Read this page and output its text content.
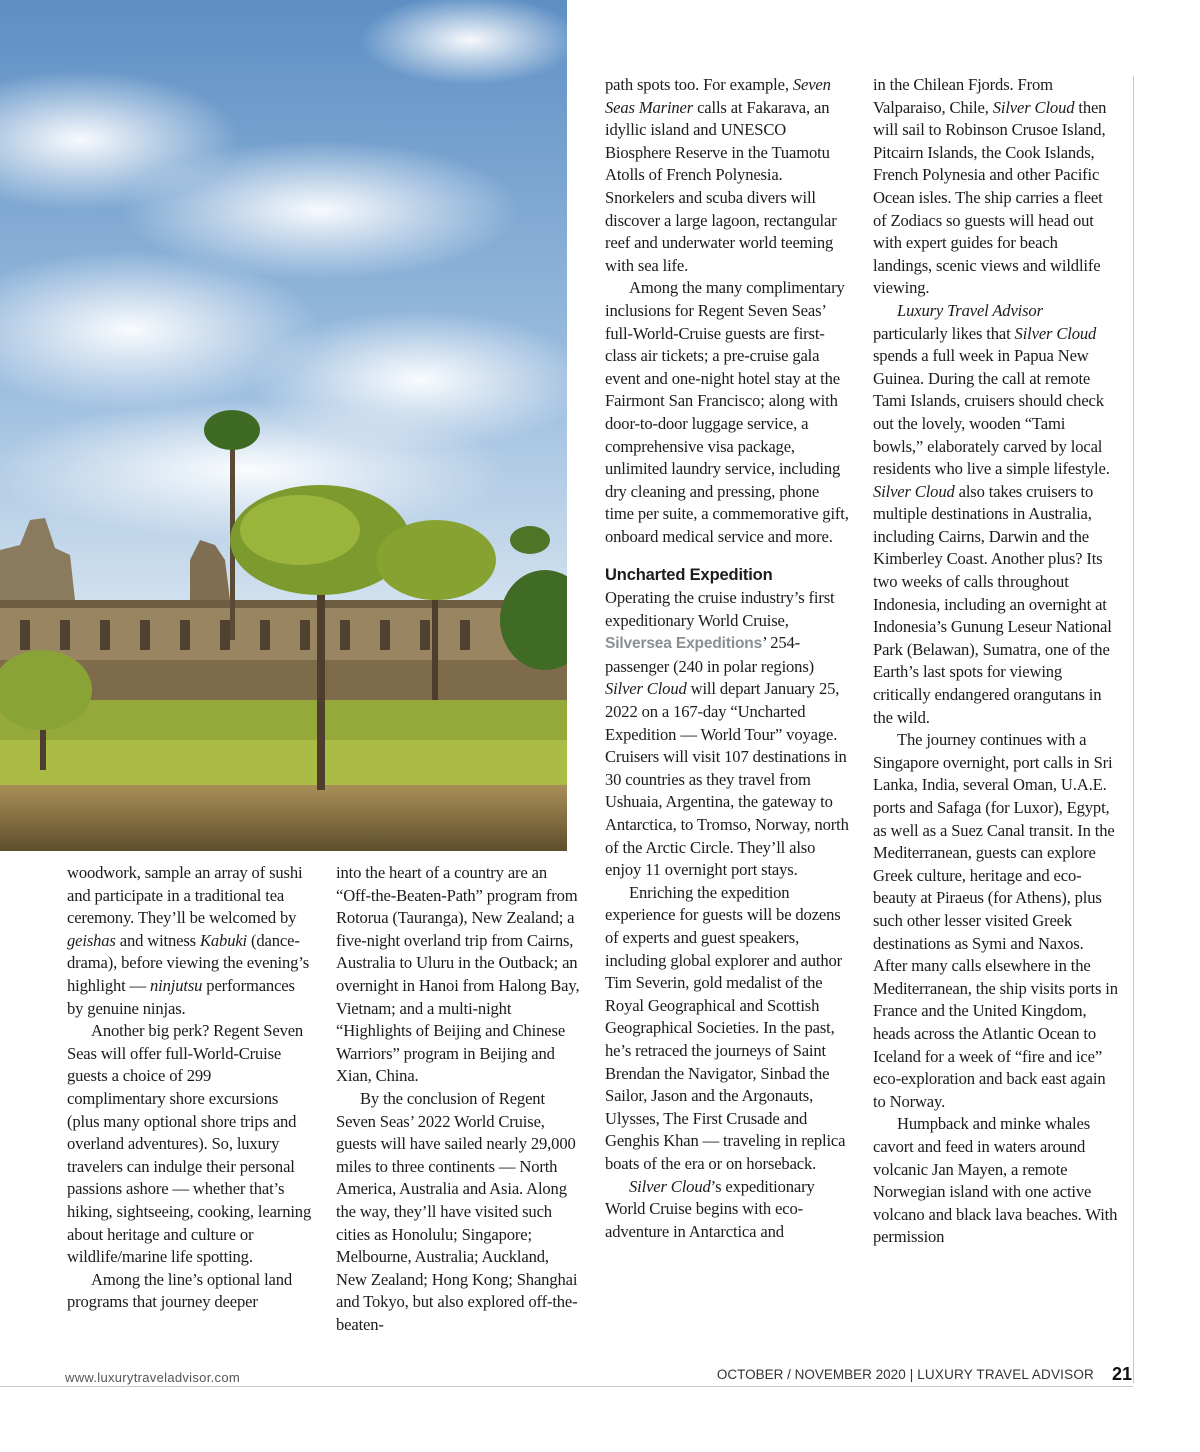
woodwork, sample an array of sushi and participate in a traditional tea ceremony. They’ll be welcomed by geishas and witness Kabuki (dance-drama), before viewing the evening’s highlight — ninjutsu performances by genuine ninjas.

Another big perk? Regent Seven Seas will offer full-World-Cruise guests a choice of 299 complimentary shore excursions (plus many optional shore trips and overland adventures). So, luxury travelers can indulge their personal passions ashore — whether that’s hiking, sightseeing, cooking, learning about heritage and culture or wildlife/marine life spotting.

Among the line’s optional land programs that journey deeper

into the heart of a country are an “Off-the-Beaten-Path” program from Rotorua (Tauranga), New Zealand; a five-night overland trip from Cairns, Australia to Uluru in the Outback; an overnight in Hanoi from Halong Bay, Vietnam; and a multi-night “Highlights of Beijing and Chinese Warriors” program in Beijing and Xian, China.

By the conclusion of Regent Seven Seas’ 2022 World Cruise, guests will have sailed nearly 29,000 miles to three continents — North America, Australia and Asia. Along the way, they’ll have visited such cities as Honolulu; Singapore; Melbourne, Australia; Auckland, New Zealand; Hong Kong; Shanghai and Tokyo, but also explored off-the-beaten-

path spots too. For example, Seven Seas Mariner calls at Fakarava, an idyllic island and UNESCO Biosphere Reserve in the Tuamotu Atolls of French Polynesia. Snorkelers and scuba divers will discover a large lagoon, rectangular reef and underwater world teeming with sea life.

Among the many complimentary inclusions for Regent Seven Seas’ full-World-Cruise guests are first-class air tickets; a pre-cruise gala event and one-night hotel stay at the Fairmont San Francisco; along with door-to-door luggage service, a comprehensive visa package, unlimited laundry service, including dry cleaning and pressing, phone time per suite, a commemorative gift, onboard medical service and more.

Uncharted Expedition

Operating the cruise industry’s first expeditionary World Cruise, Silversea Expeditions’ 254-passenger (240 in polar regions) Silver Cloud will depart January 25, 2022 on a 167-day “Uncharted Expedition — World Tour” voyage. Cruisers will visit 107 destinations in 30 countries as they travel from Ushuaia, Argentina, the gateway to Antarctica, to Tromso, Norway, north of the Arctic Circle. They’ll also enjoy 11 overnight port stays.

Enriching the expedition experience for guests will be dozens of experts and guest speakers, including global explorer and author Tim Severin, gold medalist of the Royal Geographical and Scottish Geographical Societies. In the past, he’s retraced the journeys of Saint Brendan the Navigator, Sinbad the Sailor, Jason and the Argonauts, Ulysses, The First Crusade and Genghis Khan — traveling in replica boats of the era or on horseback.

Silver Cloud’s expeditionary World Cruise begins with eco-adventure in Antarctica and

in the Chilean Fjords. From Valparaiso, Chile, Silver Cloud then will sail to Robinson Crusoe Island, Pitcairn Islands, the Cook Islands, French Polynesia and other Pacific Ocean isles. The ship carries a fleet of Zodiacs so guests will head out with expert guides for beach landings, scenic views and wildlife viewing.

Luxury Travel Advisor particularly likes that Silver Cloud spends a full week in Papua New Guinea. During the call at remote Tami Islands, cruisers should check out the lovely, wooden “Tami bowls,” elaborately carved by local residents who live a simple lifestyle. Silver Cloud also takes cruisers to multiple destinations in Australia, including Cairns, Darwin and the Kimberley Coast. Another plus? Its two weeks of calls throughout Indonesia, including an overnight at Indonesia’s Gunung Leseur National Park (Belawan), Sumatra, one of the Earth’s last spots for viewing critically endangered orangutans in the wild.

The journey continues with a Singapore overnight, port calls in Sri Lanka, India, several Oman, U.A.E. ports and Safaga (for Luxor), Egypt, as well as a Suez Canal transit. In the Mediterranean, guests can explore Greek culture, heritage and eco-beauty at Piraeus (for Athens), plus such other lesser visited Greek destinations as Symi and Naxos. After many calls elsewhere in the Mediterranean, the ship visits ports in France and the United Kingdom, heads across the Atlantic Ocean to Iceland for a week of “fire and ice” eco-exploration and back east again to Norway.

Humpback and minke whales cavort and feed in waters around volcanic Jan Mayen, a remote Norwegian island with one active volcano and black lava beaches. With permission

www.luxurytraveladvisor.com	OCTOBER / NOVEMBER 2020 | LUXURY TRAVEL ADVISOR 21
